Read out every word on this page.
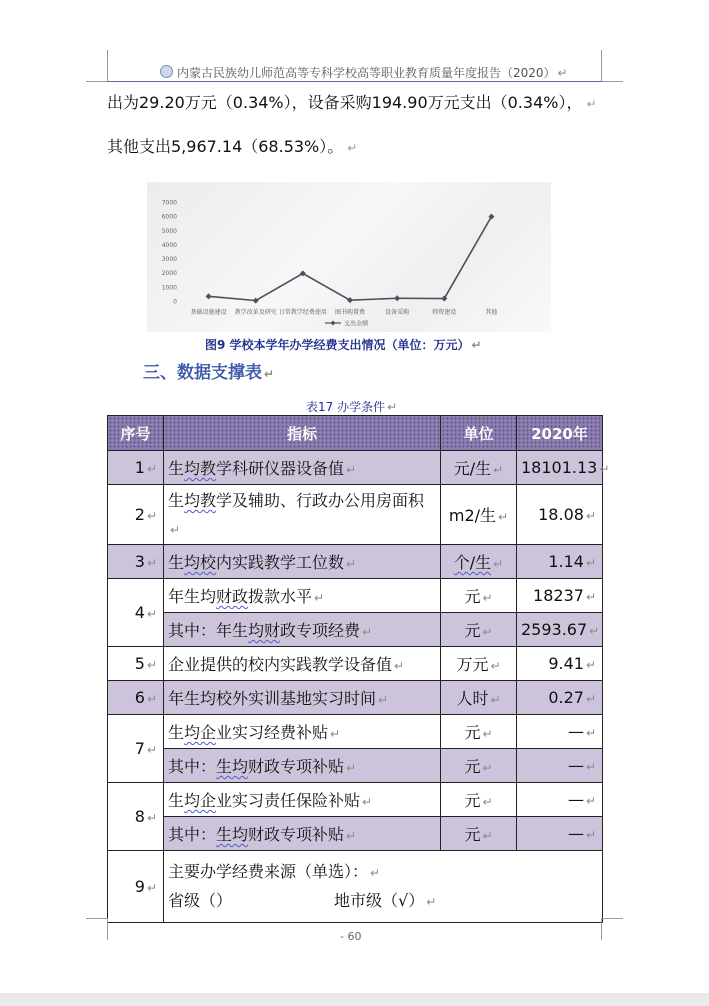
内蒙古民族幼儿师范高等专科学校高等职业教育质量年度报告（2020） ↵
出为29.20万元（0.34%），设备采购194.90万元支出（0.34%）， ↵
其他支出5,967.14（68.53%）。 ↵
0
1000
2000
3000
4000
5000
6000
7000
基础设施建设 教学改革及研究 日常教学经费使用 图书购置费	设备采购	师资建设	其他
支出金额
图9 学校本学年办学经费支出情况（单位：万元） ↵
三、数据支撑表 ↵
表17 办学条件 ↵
序号	指标	单位	2020年
1 ↵	生均教学科研仪器设备值 ↵	元/生 ↵	18101.13 ↵
2 ↵	生均教学及辅助、行政办公用房面积↵	m2/生 ↵	18.08 ↵
3 ↵	生均校内实践教学工位数 ↵	个/生 ↵	1.14 ↵
4 ↵	年生均财政拨款水平 ↵	元 ↵	18237 ↵
	其中：年生均财政专项经费 ↵	元 ↵	2593.67 ↵
5 ↵	企业提供的校内实践教学设备值 ↵	万元 ↵	9.41 ↵
6 ↵	年生均校外实训基地实习时间 ↵	人时 ↵	0.27 ↵
7 ↵	生均企业实习经费补贴 ↵	元 ↵	— ↵
	其中：生均财政专项补贴 ↵	元 ↵	— ↵
8 ↵	生均企业实习责任保险补贴 ↵	元 ↵	— ↵
	其中：生均财政专项补贴 ↵	元 ↵	— ↵
9 ↵	主要办学经费来源（单选）： ↵
省级（） 地市级（√） ↵		
- 60
